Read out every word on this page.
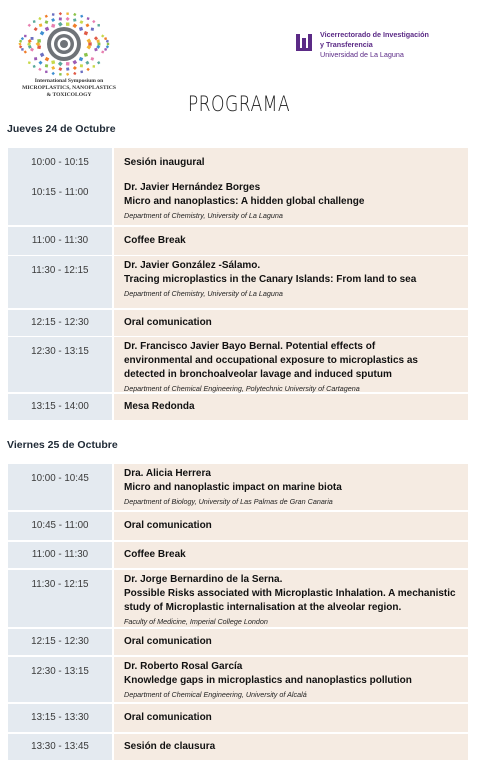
International Symposium on
MICROPLASTICS, NANOPLASTICS
& TOXICOLOGY
Vicerrectorado de Investigación
y Transferencia
Universidad de La Laguna
PROGRAMA
Jueves 24 de Octubre
10:00 - 10:15	Sesión inaugural
10:15 - 11:00	Dr. Javier Hernández Borges
Micro and nanoplastics: A hidden global challenge
Department of Chemistry, University of La Laguna
11:00 - 11:30	Coffee Break
11:30 - 12:15	Dr. Javier González -Sálamo.
Tracing microplastics in the Canary Islands: From land to sea
Department of Chemistry, University of La Laguna
12:15 - 12:30	Oral comunication
12:30 - 13:15	Dr. Francisco Javier Bayo Bernal. Potential effects of
environmental and occupational exposure to microplastics as
detected in bronchoalveolar lavage and induced sputum
Department of Chemical Engineering, Polytechnic University of Cartagena
13:15 - 14:00	Mesa Redonda
Viernes 25 de Octubre
10:00 - 10:45	Dra. Alicia Herrera
Micro and nanoplastic impact on marine biota
Department of Biology, University of Las Palmas de Gran Canaria
10:45 - 11:00	Oral comunication
11:00 - 11:30	Coffee Break
11:30 - 12:15	Dr. Jorge Bernardino de la Serna.
Possible Risks associated with Microplastic Inhalation. A mechanistic
study of Microplastic internalisation at the alveolar region.
Faculty of Medicine, Imperial College London
12:15 - 12:30	Oral comunication
12:30 - 13:15	Dr. Roberto Rosal García
Knowledge gaps in microplastics and nanoplastics pollution
Department of Chemical Engineering, University of Alcalá
13:15 - 13:30	Oral comunication
13:30 - 13:45	Sesión de clausura
